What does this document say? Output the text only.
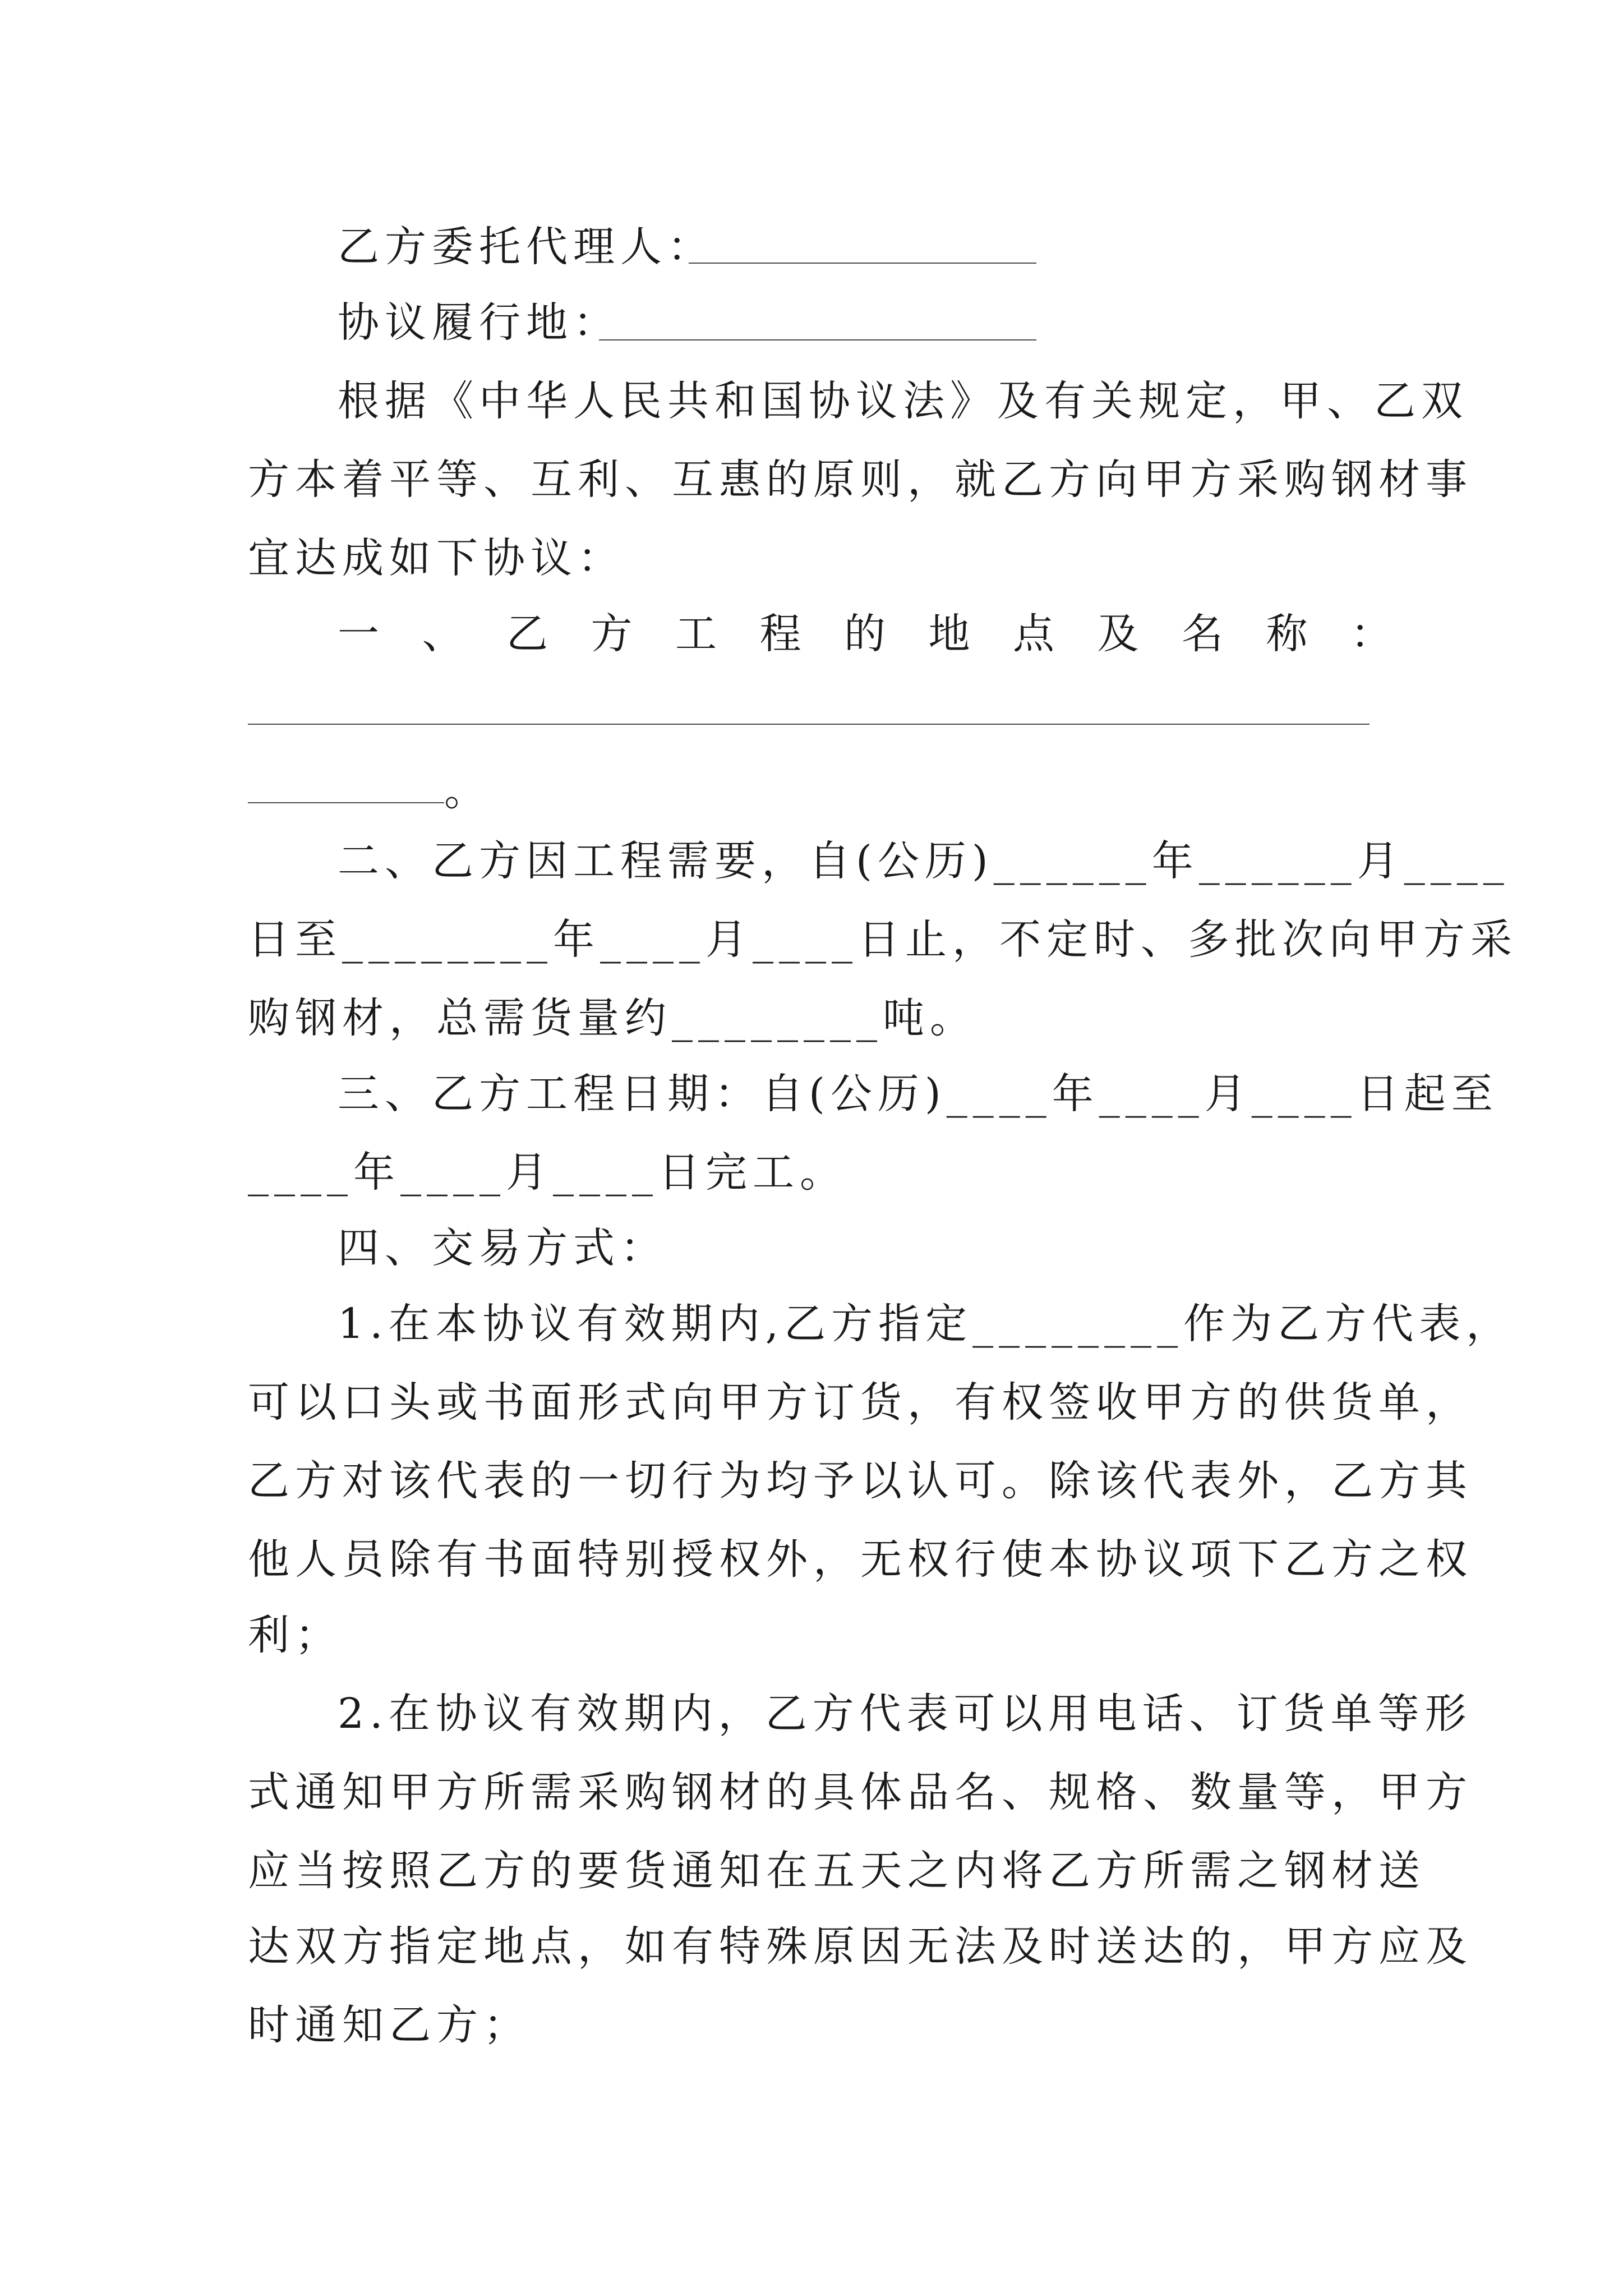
乙方委托代理人：
协议履行地：
根据《中华人民共和国协议法》及有关规定，甲、乙双
方本着平等、互利、互惠的原则，就乙方向甲方采购钢材事
宜达成如下协议：
一、乙方工程的地点及名称：
。
二、乙方因工程需要，自(公历)______年______月____
日至________年____月____日止，不定时、多批次向甲方采
购钢材，总需货量约________吨。
三、乙方工程日期：自(公历)____年____月____日起至
____年____月____日完工。
四、交易方式：
1.在本协议有效期内,乙方指定________作为乙方代表，
可以口头或书面形式向甲方订货，有权签收甲方的供货单，
乙方对该代表的一切行为均予以认可。除该代表外，乙方其
他人员除有书面特别授权外，无权行使本协议项下乙方之权
利；
2.在协议有效期内，乙方代表可以用电话、订货单等形
式通知甲方所需采购钢材的具体品名、规格、数量等，甲方
应当按照乙方的要货通知在五天之内将乙方所需之钢材送
达双方指定地点，如有特殊原因无法及时送达的，甲方应及
时通知乙方；
